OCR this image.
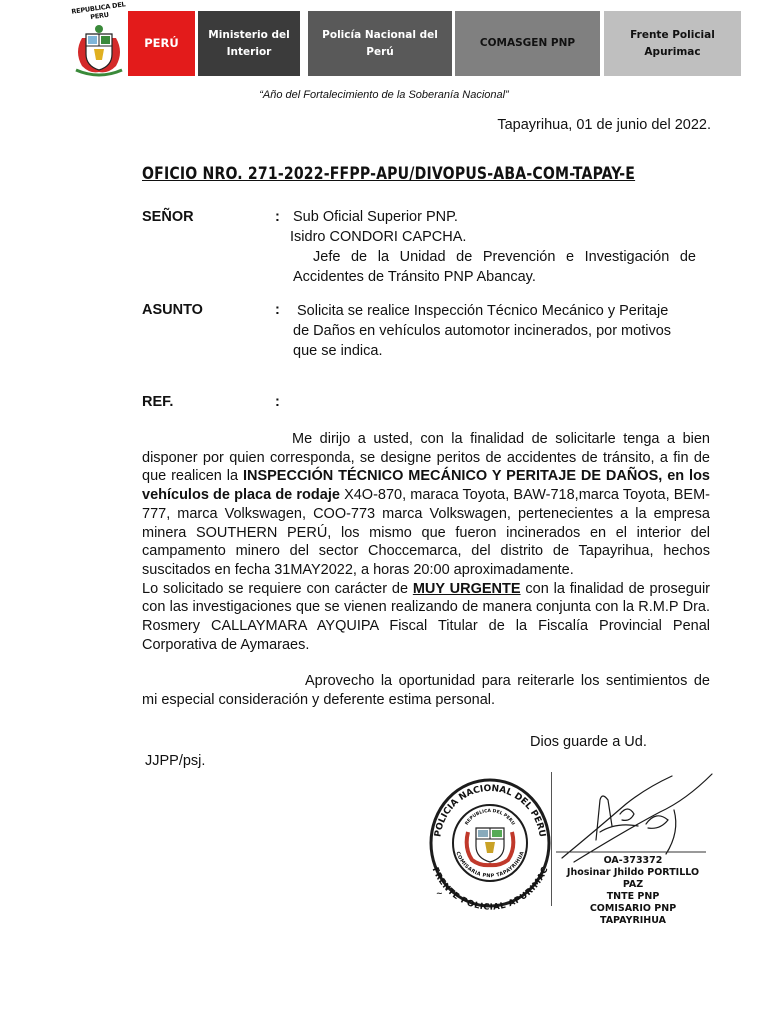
REPUBLICA DEL PERU
PERÚ
Ministerio del
Interior
Policía Nacional del
Perú
COMASGEN PNP
Frente Policial
Apurimac
“Año del Fortalecimiento de la Soberanía Nacional”
Tapayrihua, 01 de junio del 2022.
OFICIO NRO. 271-2022-FFPP-APU/DIVOPUS-ABA-COM-TAPAY-E
SEÑOR	: Sub Oficial Superior PNP.
Isidro CONDORI CAPCHA.
Jefe de la Unidad de Prevención e Investigación de
Accidentes de Tránsito PNP Abancay.
ASUNTO	: Solicita se realice Inspección Técnico Mecánico y Peritaje
de Daños en vehículos automotor incinerados, por motivos
que se indica.
REF.	:

Me dirijo a usted, con la finalidad de solicitarle tenga a bien disponer por quien corresponda, se designe peritos de accidentes de tránsito, a fin de que realicen la INSPECCIÓN TÉCNICO MECÁNICO Y PERITAJE DE DAÑOS, en los vehículos de placa de rodaje X4O-870, maraca Toyota, BAW-718,marca Toyota, BEM-777, marca Volkswagen, COO-773 marca Volkswagen, pertenecientes a la empresa minera SOUTHERN PERÚ, los mismo que fueron incinerados en el interior del campamento minero del sector Choccemarca, del distrito de Tapayrihua, hechos suscitados en fecha 31MAY2022, a horas 20:00 aproximadamente.

Lo solicitado se requiere con carácter de MUY URGENTE con la finalidad de proseguir con las investigaciones que se vienen realizando de manera conjunta con la R.M.P Dra. Rosmery CALLAYMARA AYQUIPA Fiscal Titular de la Fiscalía Provincial Penal Corporativa de Aymaraes.

Aprovecho la oportunidad para reiterarle los sentimientos de mi especial consideración y deferente estima personal.

Dios guarde a Ud.
JJPP/psj.
POLICIA NACIONAL DEL PERU
FRENTE POLICIAL APURIMAC
REPUBLICA DEL PERU
COMISARIA PNP TAPAYRIHUA
~
OA-373372
Jhosinar Jhildo PORTILLO PAZ
TNTE PNP
COMISARIO PNP TAPAYRIHUA
